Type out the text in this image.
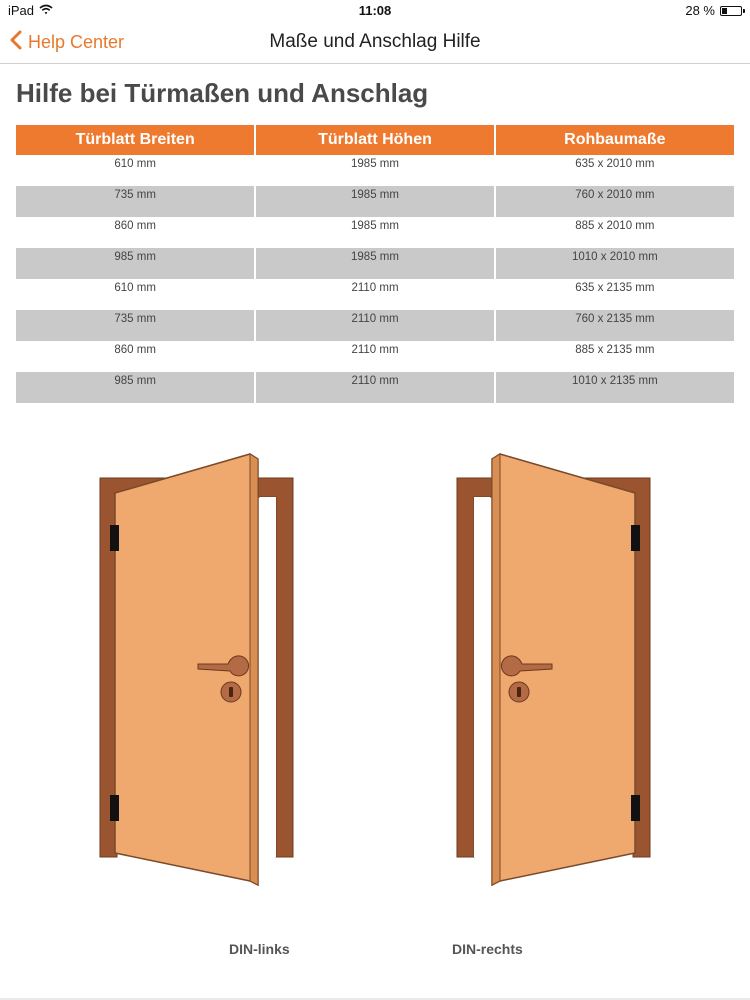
iPad	11:08	28 %
Help Center	Maße und Anschlag Hilfe
Hilfe bei Türmaßen und Anschlag
Türblatt Breiten	Türblatt Höhen	Rohbaumaße
610 mm	1985 mm	635 x 2010 mm
735 mm	1985 mm	760 x 2010 mm
860 mm	1985 mm	885 x 2010 mm
985 mm	1985 mm	1010 x 2010 mm
610 mm	2110 mm	635 x 2135 mm
735 mm	2110 mm	760 x 2135 mm
860 mm	2110 mm	885 x 2135 mm
985 mm	2110 mm	1010 x 2135 mm
DIN-links	DIN-rechts
